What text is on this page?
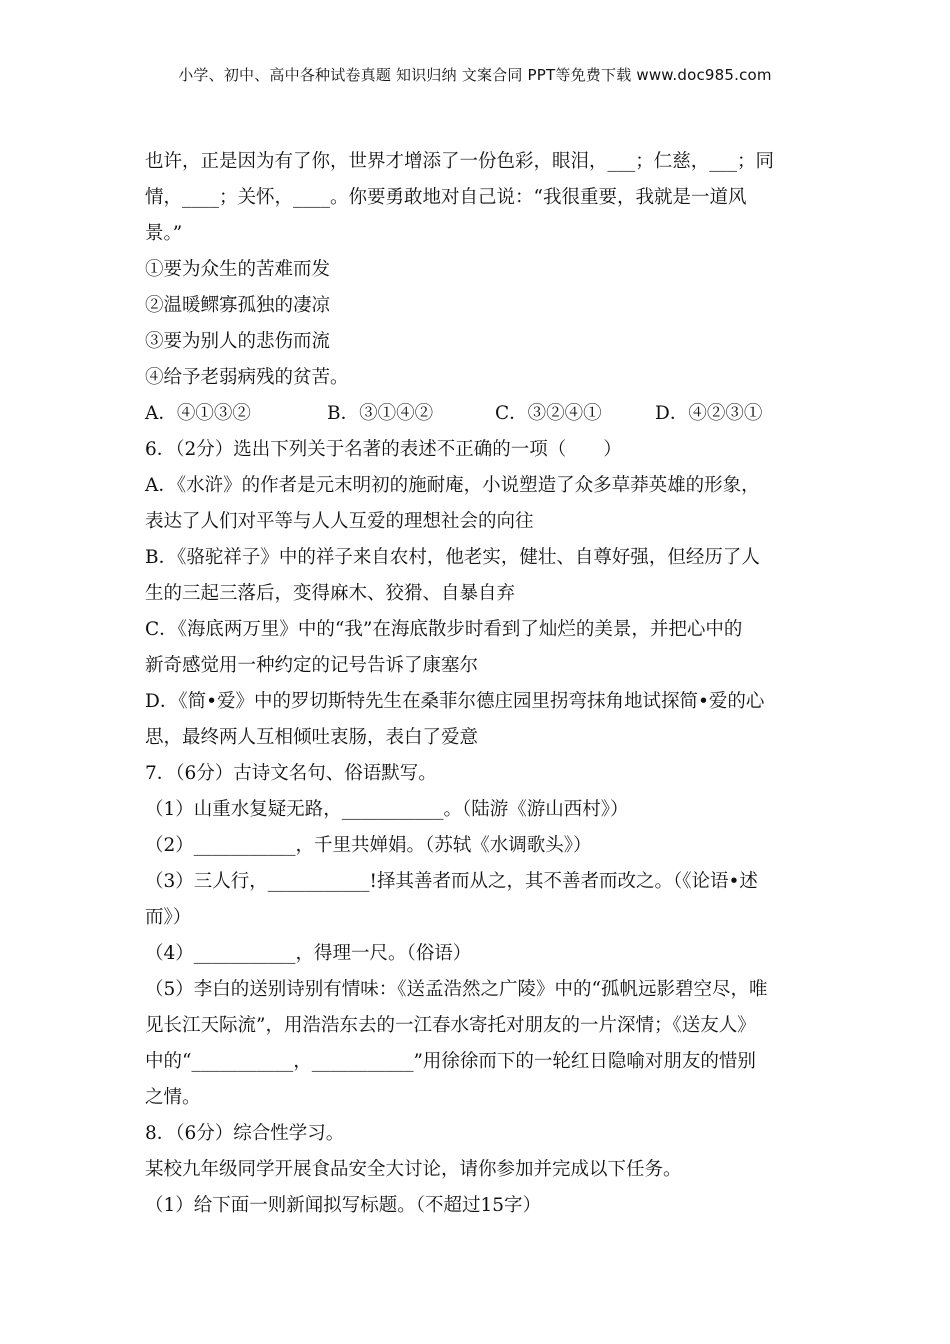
小学、初中、高中各种试卷真题 知识归纳 文案合同 PPT等免费下载 www.doc985.com
也许，正是因为有了你，世界才增添了一份色彩，眼泪，___；仁慈，___；同
情，____；关怀，____。你要勇敢地对自己说：“我很重要，我就是一道风
景。”
①要为众生的苦难而发
②温暖鳏寡孤独的凄凉
③要为别人的悲伤而流
④给予老弱病残的贫苦。
A．④①③②	B．③①④②	C．③②④①	D．④②③①
6．（2分）选出下列关于名著的表述不正确的一项（　　）
A．《水浒》的作者是元末明初的施耐庵，小说塑造了众多草莽英雄的形象，
表达了人们对平等与人人互爱的理想社会的向往
B．《骆驼祥子》中的祥子来自农村，他老实，健壮、自尊好强，但经历了人
生的三起三落后，变得麻木、狡猾、自暴自弃
C．《海底两万里》中的“我”在海底散步时看到了灿烂的美景，并把心中的
新奇感觉用一种约定的记号告诉了康塞尔
D．《简•爱》中的罗切斯特先生在桑菲尔德庄园里拐弯抹角地试探简•爱的心
思，最终两人互相倾吐衷肠，表白了爱意
7．（6分）古诗文名句、俗语默写。
（1）山重水复疑无路，___________。（陆游《游山西村》）
（2）___________，千里共婵娟。（苏轼《水调歌头》）
（3）三人行，___________!择其善者而从之，其不善者而改之。（《论语•述
而》）
（4）___________，得理一尺。（俗语）
（5）李白的送别诗别有情味：《送孟浩然之广陵》中的“孤帆远影碧空尽，唯
见长江天际流”，用浩浩东去的一江春水寄托对朋友的一片深情；《送友人》
中的“___________，___________”用徐徐而下的一轮红日隐喻对朋友的惜别
之情。
8．（6分）综合性学习。
某校九年级同学开展食品安全大讨论，请你参加并完成以下任务。
（1）给下面一则新闻拟写标题。（不超过15字）
